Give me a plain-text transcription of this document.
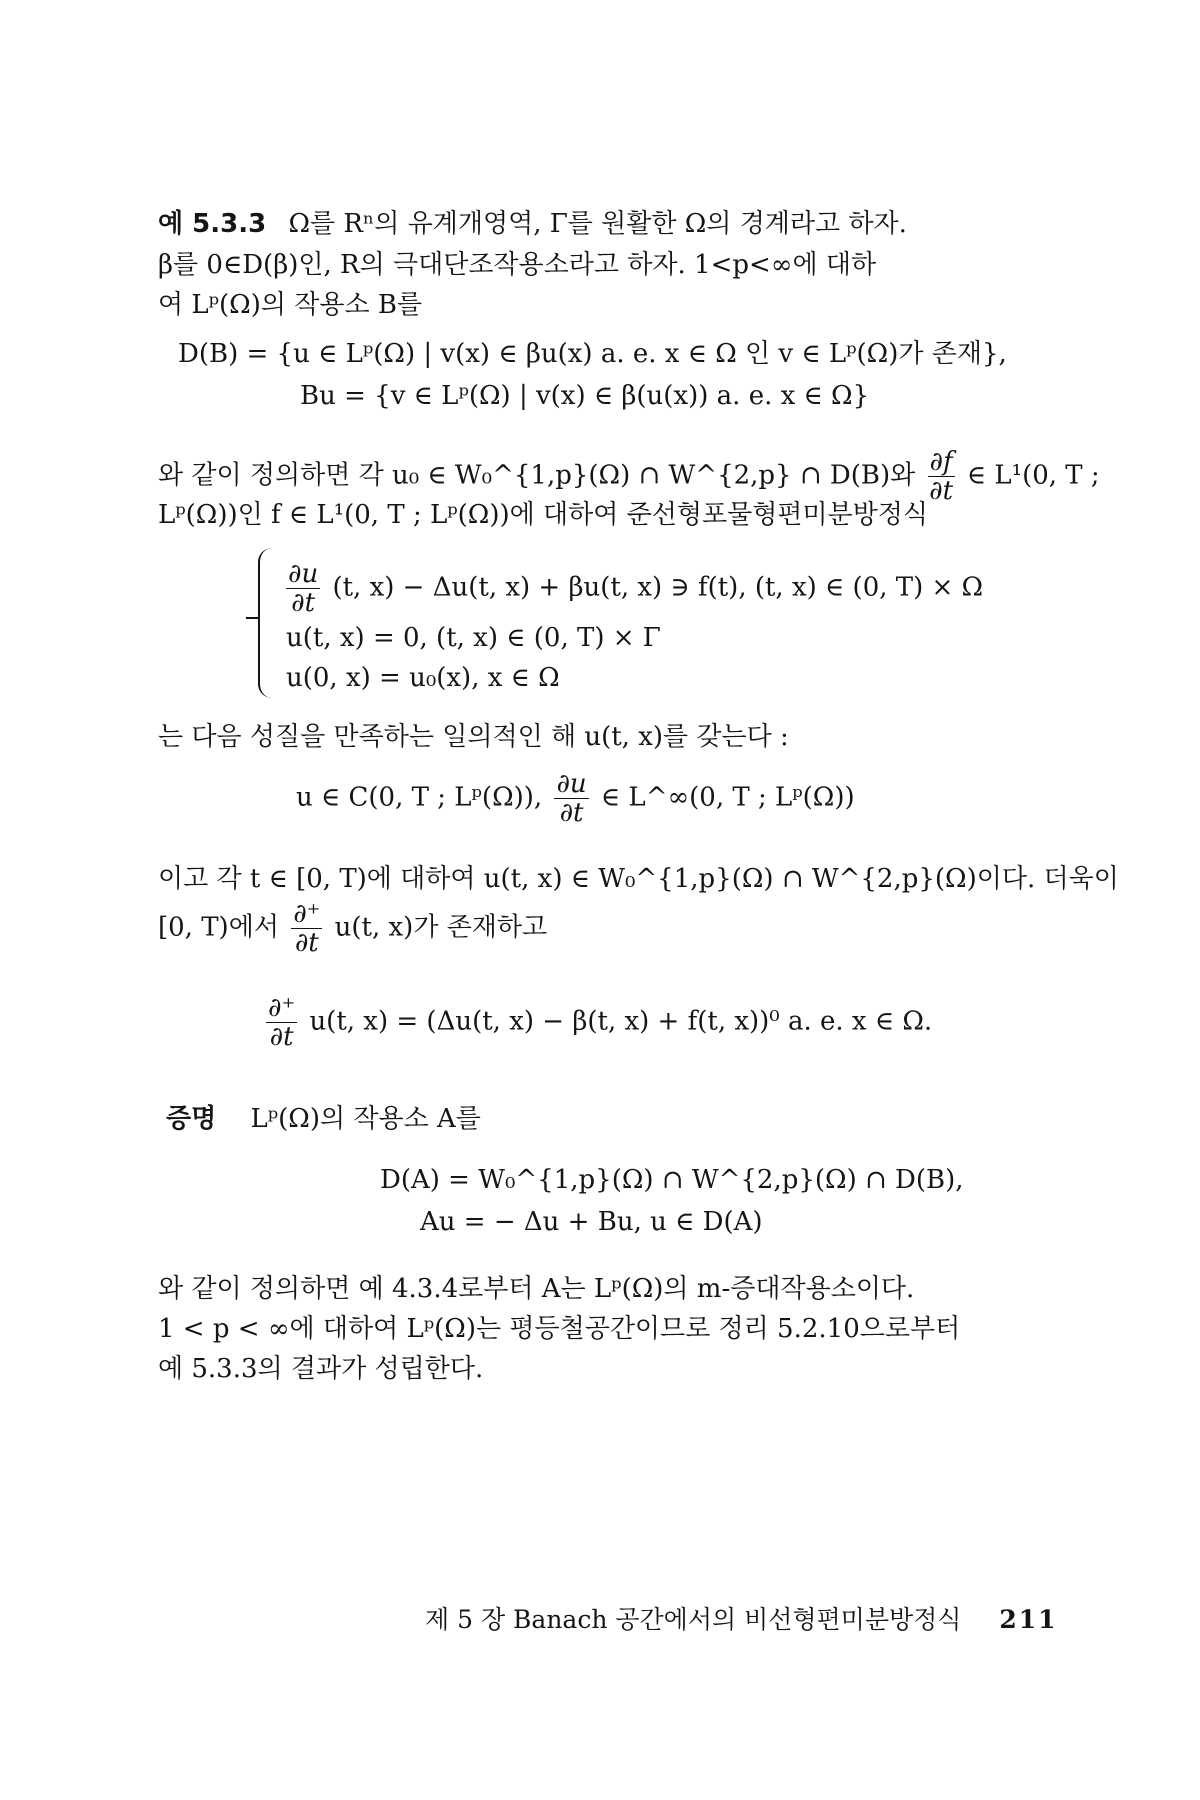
예 5.3.3 Ω를 Rⁿ의 유계개영역, Γ를 원활한 Ω의 경계라고 하자.
β를 0∈D(β)인, R의 극대단조작용소라고 하자. 1<p<∞에 대하
여 Lᵖ(Ω)의 작용소 B를
D(B) = {u ∈ Lᵖ(Ω) | v(x) ∈ βu(x) a. e. x ∈ Ω 인 v ∈ Lᵖ(Ω)가 존재},
Bu = {v ∈ Lᵖ(Ω) | v(x) ∈ β(u(x)) a. e. x ∈ Ω}
와 같이 정의하면 각 u₀ ∈ W₀^{1,p}(Ω) ∩ W^{2,p} ∩ D(B)와 $\frac{\partial f}{\partial t}$ ∈ L¹(0, T ;
Lᵖ(Ω))인 f ∈ L¹(0, T ; Lᵖ(Ω))에 대하여 준선형포물형편미분방정식
$\frac{\partial u}{\partial t} (t$, x) − Δu(t, x) + βu(t, x) ∋ f(t), (t, x) ∈ (0, T) × Ω
u(t, x) = 0, (t, x) ∈ (0, T) × Γ
u(0, x) = u₀(x), x ∈ Ω
는 다음 성질을 만족하는 일의적인 해 u(t, x)를 갖는다 :
u ∈ C(0, T ; Lᵖ(Ω)), $\frac{\partial u}{\partial t}$ ∈ L^∞(0, T ; Lᵖ(Ω))
이고 각 t ∈ [0, T)에 대하여 u(t, x) ∈ W₀^{1,p}(Ω) ∩ W^{2,p}(Ω)이다. 더욱이
[0, T)에서 $\frac{\partial^+}{\partial t} u(t$, x)가 존재하고
$\frac{\partial^+}{\partial t} u(t$, x) = (Δu(t, x) − β(t, x) + f(t, x))⁰ a. e. x ∈ Ω.
증명 Lᵖ(Ω)의 작용소 A를
D(A) = W₀^{1,p}(Ω) ∩ W^{2,p}(Ω) ∩ D(B),
Au = − Δu + Bu, u ∈ D(A)
와 같이 정의하면 예 4.3.4로부터 A는 Lᵖ(Ω)의 m-증대작용소이다.
1 < p < ∞에 대하여 Lᵖ(Ω)는 평등철공간이므로 정리 5.2.10으로부터
예 5.3.3의 결과가 성립한다.
제 5 장 Banach 공간에서의 비선형편미분방정식 211
